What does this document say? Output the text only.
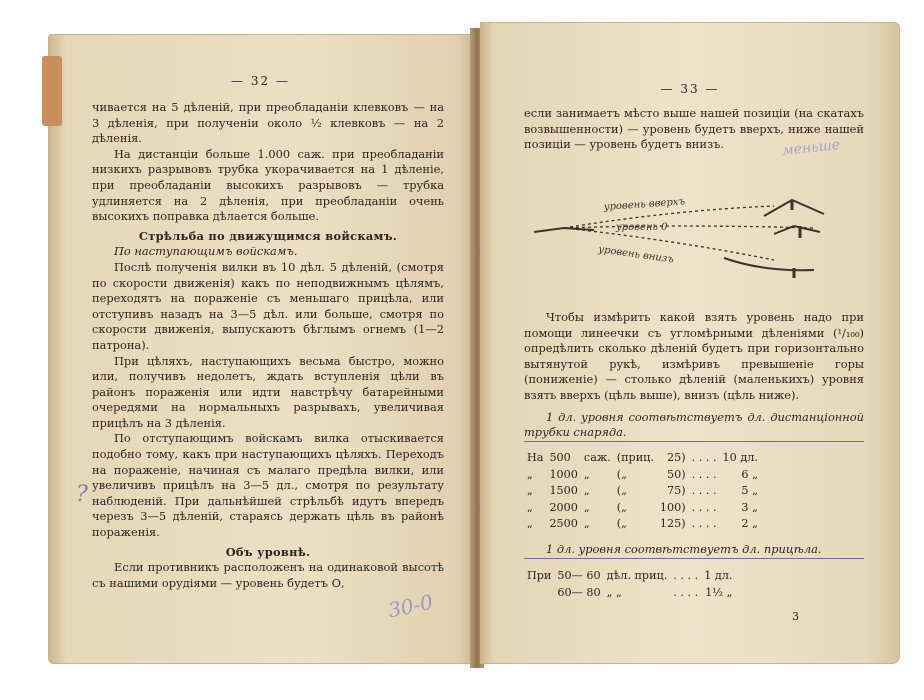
— 32 —

чивается на 5 дѣленій, при преобладаніи клевковъ — на 3 дѣленія, при полученіи около ½ клевковъ — на 2 дѣленія.

На дистанціи больше 1.000 саж. при преобладаніи низкихъ разрывовъ трубка укорачивается на 1 дѣленіе, при преобладаніи высокихъ разрывовъ — трубка удлиняется на 2 дѣленія, при преобладаніи очень высокихъ поправка дѣлается больше.

Стрѣльба по движущимся войскамъ.

По наступающимъ войскамъ.

Послѣ полученія вилки въ 10 дѣл. 5 дѣленій, (смотря по скорости движенія) какъ по неподвижнымъ цѣлямъ, переходятъ на пораженіе съ меньшаго прицѣла, или отступивъ назадъ на 3—5 дѣл. или больше, смотря по скорости движенія, выпускаютъ бѣглымъ огнемъ (1—2 патрона).

При цѣляхъ, наступающихъ весьма быстро, можно или, получивъ недолетъ, ждать вступленія цѣли въ районъ пораженія или идти навстрѣчу батарейными очередями на нормальныхъ разрывахъ, увеличивая прицѣлъ на 3 дѣленія.

По отступающимъ войскамъ вилка отыскивается подобно тому, какъ при наступающихъ цѣляхъ. Переходъ на пораженіе, начиная съ малаго предѣла вилки, или увеличивъ прицѣлъ на 3—5 дл., смотря по результату наблюденій. При дальнѣйшей стрѣльбѣ идутъ впередъ черезъ 3—5 дѣленій, стараясь держать цѣль въ районѣ пораженія.

Объ уровнѣ.

Если противникъ расположенъ на одинаковой высотѣ съ нашими орудіями — уровень будетъ О,

?
30-0
— 33 —

если занимаетъ мѣсто выше нашей позиціи (на скатахъ возвышенности) — уровень будетъ вверхъ, ниже нашей позиціи — уровень будетъ внизъ.	меньше
уровень вверхъ
уровень 0
уровень внизъ

Чтобы измѣрить какой взять уровень надо при помощи линеечки съ угломѣрными дѣленіями (¹/₁₀₀) опредѣлить сколько дѣленій будетъ при горизонтально вытянутой рукѣ, измѣривъ превышеніе горы (пониженіе) — столько дѣленій (маленькихъ) уровня взять вверхъ (цѣль выше), внизъ (цѣль ниже).

1 дл. уровня соотвѣтствуетъ дл. дистанціонной трубки снаряда.

На	500	саж.	(приц.	25)	. . . .	10 дл.
„	1000	„	(„	50)	. . . .	6 „
„	1500	„	(„	75)	. . . .	5 „
„	2000	„	(„	100)	. . . .	3 „
„	2500	„	(„	125)	. . . .	2 „

1 дл. уровня соотвѣтствуетъ дл. прицѣла.

При	50— 60	дѣл. приц.	. . . .	1 дл.
	60— 80	„ „	. . . .	1½ „
3
